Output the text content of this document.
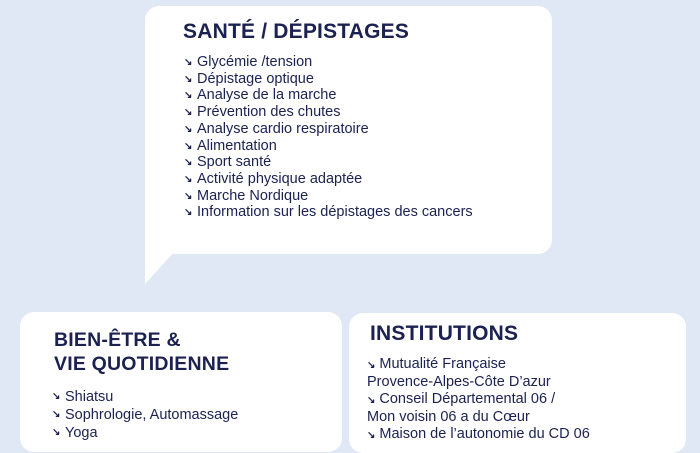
SANTÉ / DÉPISTAGES
↘ Glycémie /tension
↘ Dépistage optique
↘ Analyse de la marche
↘ Prévention des chutes
↘ Analyse cardio respiratoire
↘ Alimentation
↘ Sport santé
↘ Activité physique adaptée
↘ Marche Nordique
↘ Information sur les dépistages des cancers
BIEN-ÊTRE &
VIE QUOTIDIENNE
↘ Shiatsu
↘ Sophrologie, Automassage
↘ Yoga
INSTITUTIONS
↘ Mutualité Française
Provence-Alpes-Côte D’azur
↘ Conseil Départemental 06 /
Mon voisin 06 a du Cœur
↘ Maison de l’autonomie du CD 06
